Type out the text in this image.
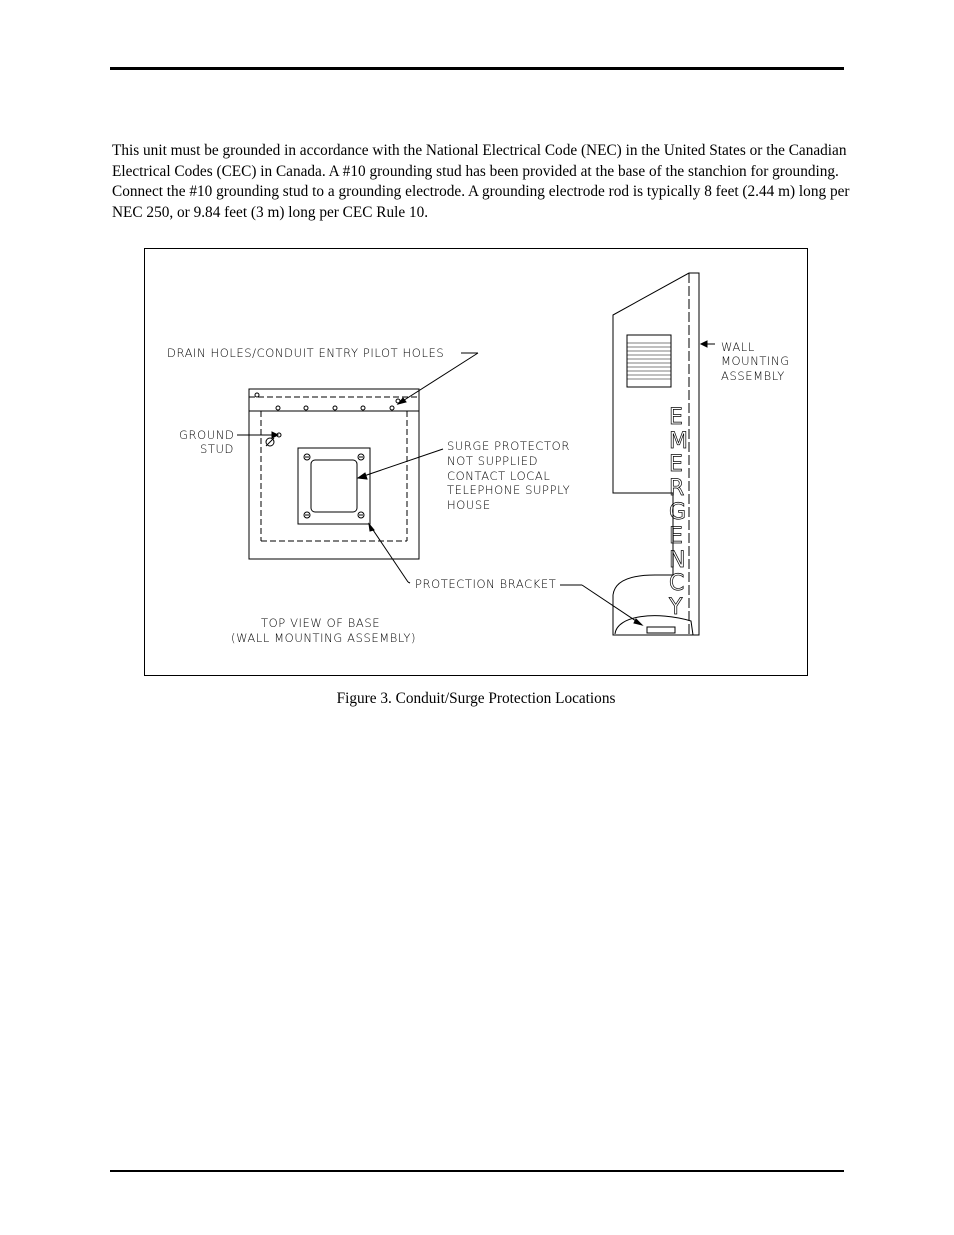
This unit must be grounded in accordance with the National Electrical Code (NEC) in the United States or the Canadian Electrical Codes (CEC) in Canada. A #10 grounding stud has been provided at the base of the stanchion for grounding. Connect the #10 grounding stud to a grounding electrode. A grounding electrode rod is typically 8 feet (2.44 m) long per NEC 250, or 9.84 feet (3 m) long per CEC Rule 10.

DRAIN HOLES/CONDUIT ENTRY PILOT HOLES
GROUND
STUD	SURGE PROTECTOR
NOT SUPPLIED
CONTACT LOCAL
TELEPHONE SUPPLY
HOUSE
PROTECTION BRACKET
TOP VIEW OF BASE
(WALL MOUNTING ASSEMBLY)
WALL
MOUNTING
ASSEMBLY
E
M
E
R
G
E
N
C
Y
Figure 3. Conduit/Surge Protection Locations
